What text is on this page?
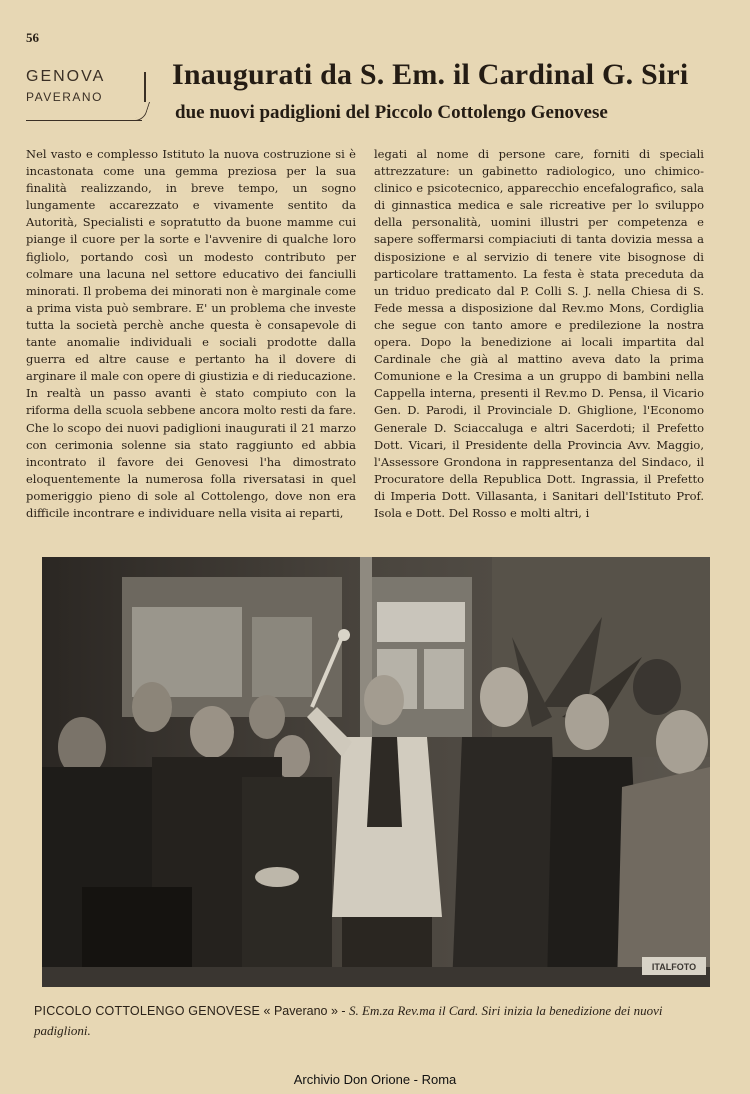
56
GENOVA
PAVERANO
Inaugurati da S. Em. il Cardinal G. Siri
due nuovi padiglioni del Piccolo Cottolengo Genovese
Nel vasto e complesso Istituto la nuova costruzione si è incastonata come una gemma preziosa per la sua finalità realizzando, in breve tempo, un sogno lungamente accarezzato e vivamente sentito da Autorità, Specialisti e sopratutto da buone mamme cui piange il cuore per la sorte e l'avvenire di qualche loro figliolo, portando così un modesto contributo per colmare una lacuna nel settore educativo dei fanciulli minorati. Il probema dei minorati non è marginale come a prima vista può sembrare. E' un problema che investe tutta la società perchè anche questa è consapevole di tante anomalie individuali e sociali prodotte dalla guerra ed altre cause e pertanto ha il dovere di arginare il male con opere di giustizia e di rieducazione. In realtà un passo avanti è stato compiuto con la riforma della scuola sebbene ancora molto resti da fare. Che lo scopo dei nuovi padiglioni inaugurati il 21 marzo con cerimonia solenne sia stato raggiunto ed abbia incontrato il favore dei Genovesi l'ha dimostrato eloquentemente la numerosa folla riversatasi in quel pomeriggio pieno di sole al Cottolengo, dove non era difficile incontrare e individuare nella visita ai reparti,
legati al nome di persone care, forniti di speciali attrezzature: un gabinetto radiologico, uno chimico-clinico e psicotecnico, apparecchio encefalografico, sala di ginnastica medica e sale ricreative per lo sviluppo della personalità, uomini illustri per competenza e sapere soffermarsi compiaciuti di tanta dovizia messa a disposizione e al servizio di tenere vite bisognose di particolare trattamento. La festa è stata preceduta da un triduo predicato dal P. Colli S. J. nella Chiesa di S. Fede messa a disposizione dal Rev.mo Mons, Cordiglia che segue con tanto amore e predilezione la nostra opera. Dopo la benedizione ai locali impartita dal Cardinale che già al mattino aveva dato la prima Comunione e la Cresima a un gruppo di bambini nella Cappella interna, presenti il Rev.mo D. Pensa, il Vicario Gen. D. Parodi, il Provinciale D. Ghiglione, l'Economo Generale D. Sciaccaluga e altri Sacerdoti; il Prefetto Dott. Vicari, il Presidente della Provincia Avv. Maggio, l'Assessore Grondona in rappresentanza del Sindaco, il Procuratore della Republica Dott. Ingrassia, il Prefetto di Imperia Dott. Villasanta, i Sanitari dell'Istituto Prof. Isola e Dott. Del Rosso e molti altri, i
ITALFOTO
PICCOLO COTTOLENGO GENOVESE « Paverano » - S. Em.za Rev.ma il Card. Siri inizia la benedizione dei nuovi padiglioni.
Archivio Don Orione - Roma
